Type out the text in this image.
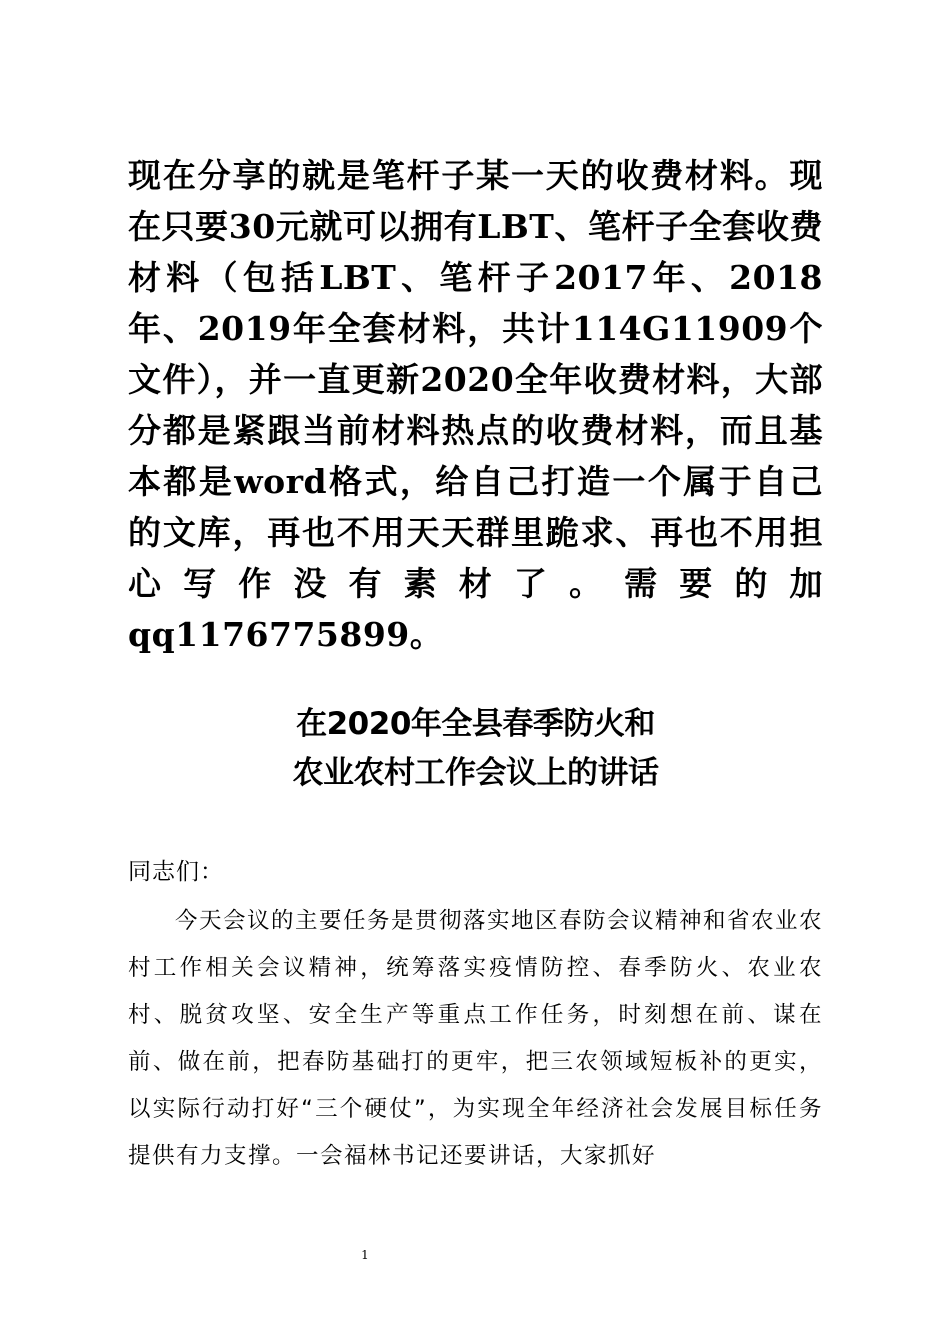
现在分享的就是笔杆子某一天的收费材料。现在只要30元就可以拥有LBT、笔杆子全套收费材料（包括LBT、笔杆子2017年、2018年、2019年全套材料，共计114G11909个文件），并一直更新2020全年收费材料，大部分都是紧跟当前材料热点的收费材料，而且基本都是word格式，给自己打造一个属于自己的文库，再也不用天天群里跪求、再也不用担心写作没有素材了。需要的加qq1176775899。

在2020年全县春季防火和
农业农村工作会议上的讲话

同志们：

今天会议的主要任务是贯彻落实地区春防会议精神和省农业农村工作相关会议精神，统筹落实疫情防控、春季防火、农业农村、脱贫攻坚、安全生产等重点工作任务，时刻想在前、谋在前、做在前，把春防基础打的更牢，把三农领域短板补的更实，以实际行动打好“三个硬仗”，为实现全年经济社会发展目标任务提供有力支撑。一会福林书记还要讲话，大家抓好

1
